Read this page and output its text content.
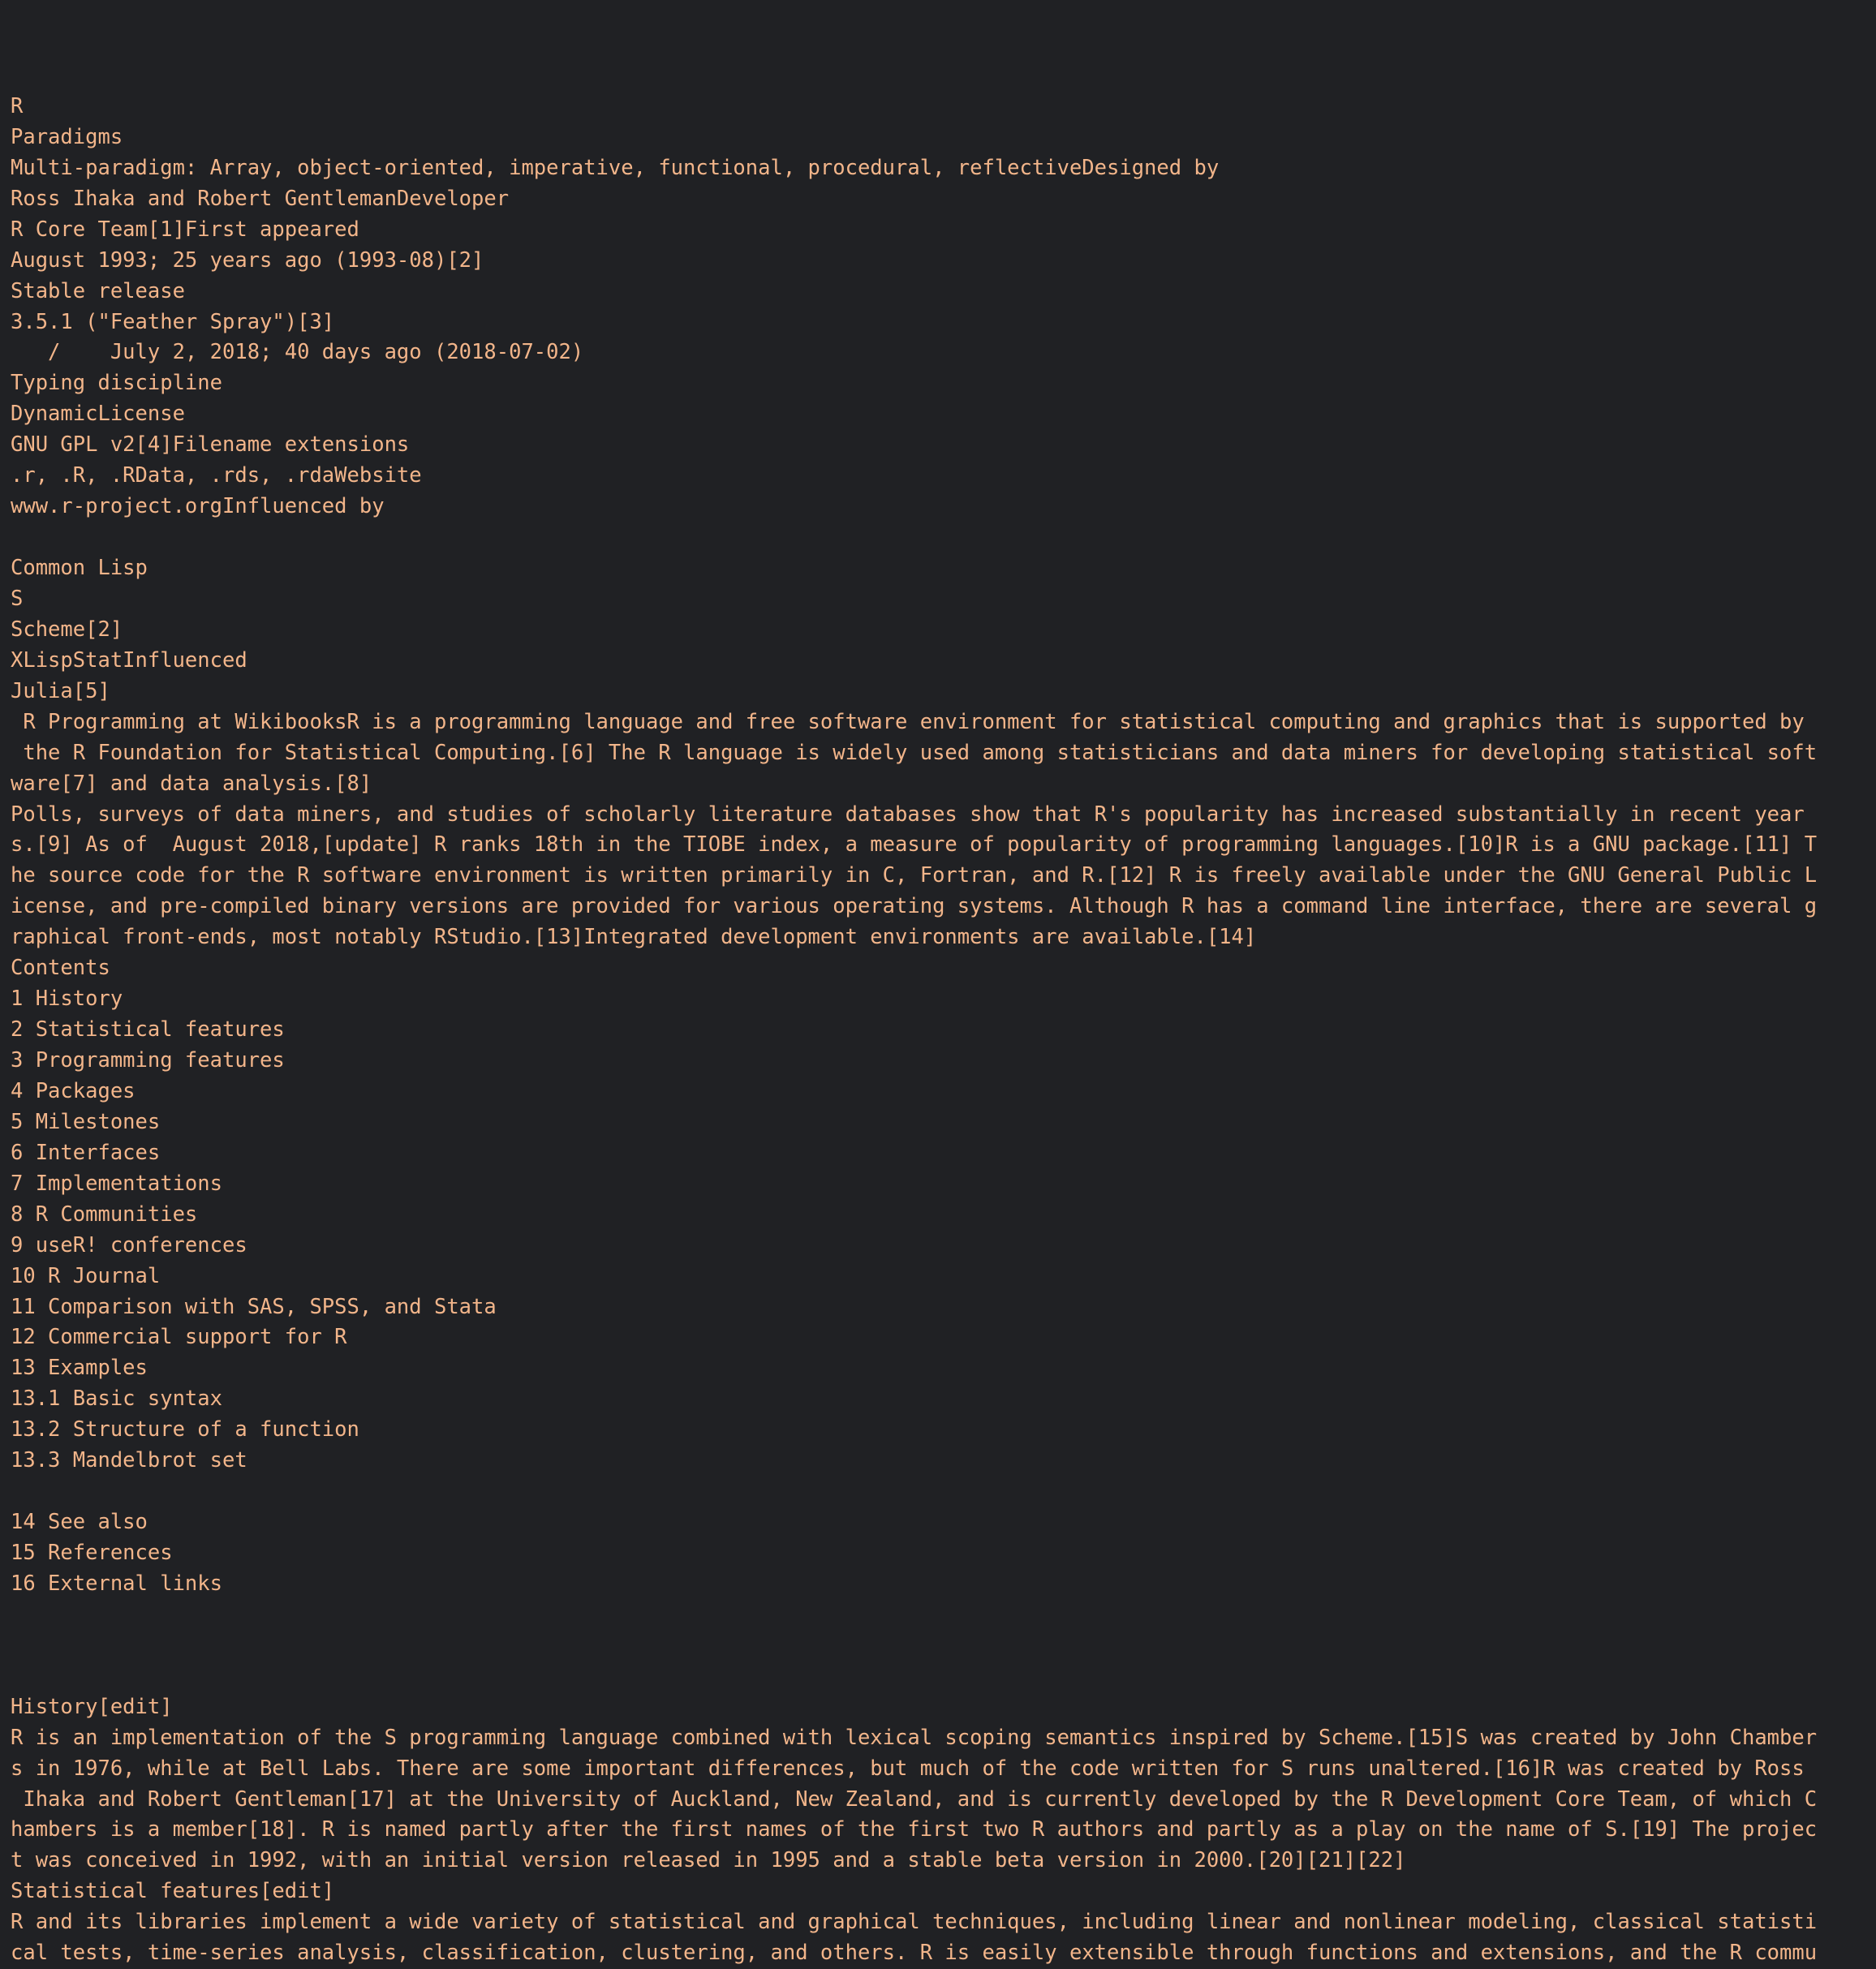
R
Paradigms
Multi-paradigm: Array, object-oriented, imperative, functional, procedural, reflectiveDesigned by
Ross Ihaka and Robert GentlemanDeveloper
R Core Team[1]First appeared
August 1993; 25 years ago (1993-08)[2]
Stable release
3.5.1 ("Feather Spray")[3]
/    July 2, 2018; 40 days ago (2018-07-02)
Typing discipline
DynamicLicense
GNU GPL v2[4]Filename extensions
.r, .R, .RData, .rds, .rdaWebsite
www.r-project.orgInfluenced by
Common Lisp
S
Scheme[2]
XLispStatInfluenced
Julia[5]
R Programming at WikibooksR is a programming language and free software environment for statistical computing and graphics that is supported by
the R Foundation for Statistical Computing.[6] The R language is widely used among statisticians and data miners for developing statistical soft
ware[7] and data analysis.[8]
Polls, surveys of data miners, and studies of scholarly literature databases show that R's popularity has increased substantially in recent year
s.[9] As of  August 2018,[update] R ranks 18th in the TIOBE index, a measure of popularity of programming languages.[10]R is a GNU package.[11] T
he source code for the R software environment is written primarily in C, Fortran, and R.[12] R is freely available under the GNU General Public L
icense, and pre-compiled binary versions are provided for various operating systems. Although R has a command line interface, there are several g
raphical front-ends, most notably RStudio.[13]Integrated development environments are available.[14]
Contents
1 History
2 Statistical features
3 Programming features
4 Packages
5 Milestones
6 Interfaces
7 Implementations
8 R Communities
9 useR! conferences
10 R Journal
11 Comparison with SAS, SPSS, and Stata
12 Commercial support for R
13 Examples
13.1 Basic syntax
13.2 Structure of a function
13.3 Mandelbrot set
14 See also
15 References
16 External links
History[edit]
R is an implementation of the S programming language combined with lexical scoping semantics inspired by Scheme.[15]S was created by John Chamber
s in 1976, while at Bell Labs. There are some important differences, but much of the code written for S runs unaltered.[16]R was created by Ross
Ihaka and Robert Gentleman[17] at the University of Auckland, New Zealand, and is currently developed by the R Development Core Team, of which C
hambers is a member[18]. R is named partly after the first names of the first two R authors and partly as a play on the name of S.[19] The projec
t was conceived in 1992, with an initial version released in 1995 and a stable beta version in 2000.[20][21][22]
Statistical features[edit]
R and its libraries implement a wide variety of statistical and graphical techniques, including linear and nonlinear modeling, classical statisti
cal tests, time-series analysis, classification, clustering, and others. R is easily extensible through functions and extensions, and the R commu
